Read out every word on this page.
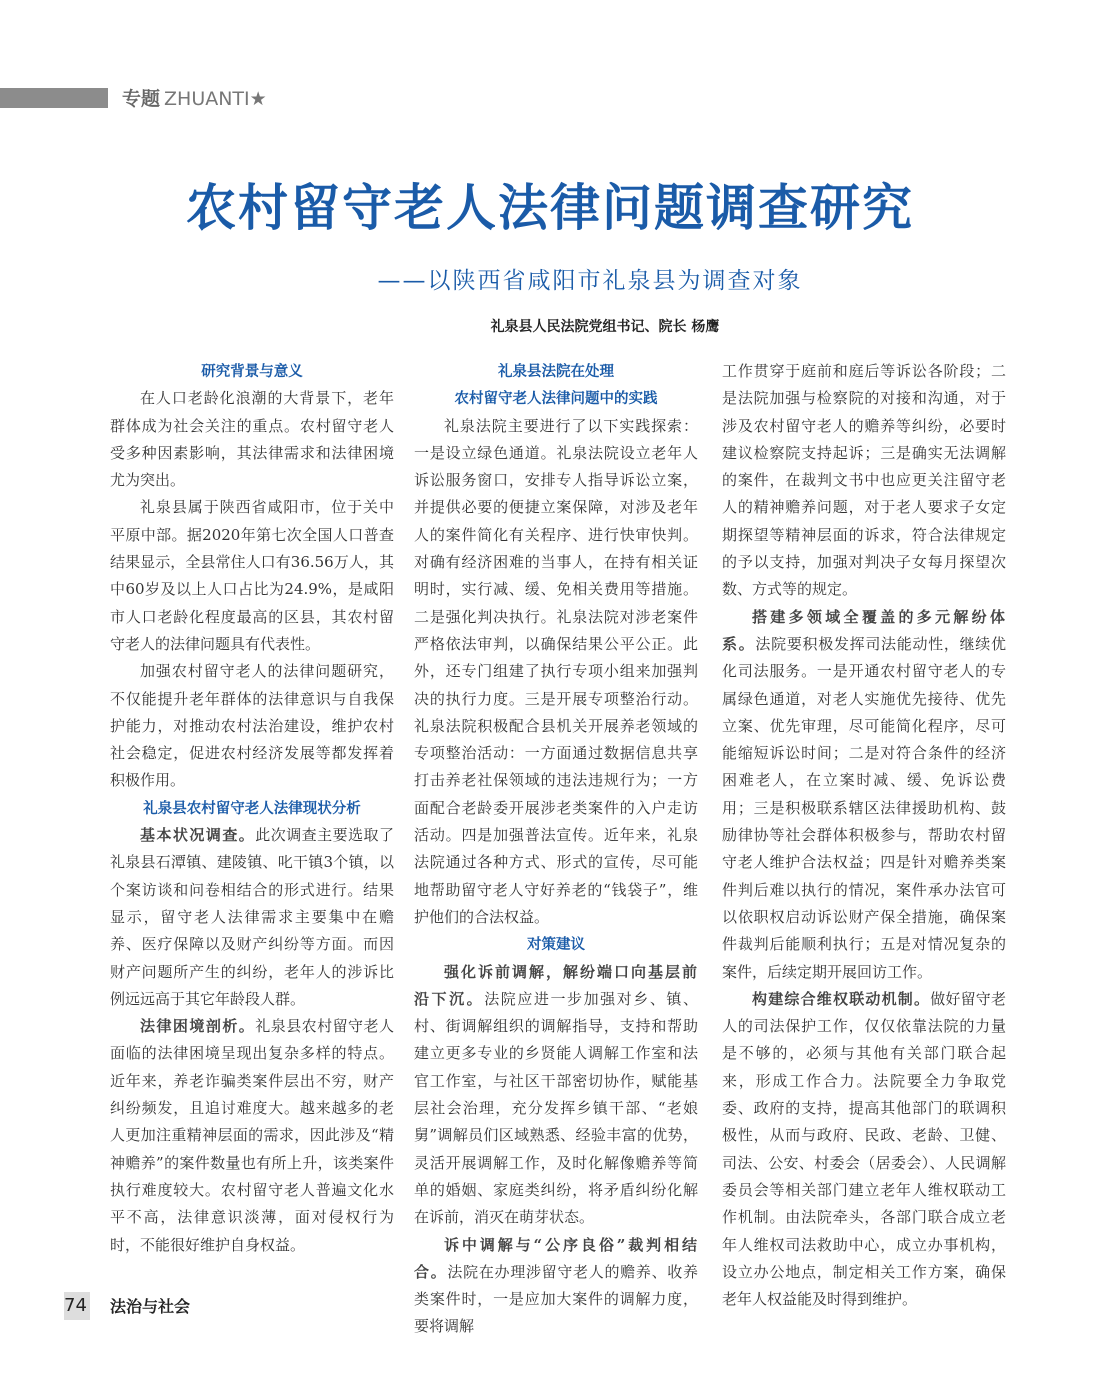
专题 ZHUANTI★
农村留守老人法律问题调查研究
——以陕西省咸阳市礼泉县为调查对象
礼泉县人民法院党组书记、院长 杨鹰
研究背景与意义

在人口老龄化浪潮的大背景下，老年群体成为社会关注的重点。农村留守老人受多种因素影响，其法律需求和法律困境尤为突出。

礼泉县属于陕西省咸阳市，位于关中平原中部。据2020年第七次全国人口普查结果显示，全县常住人口有36.56万人，其中60岁及以上人口占比为24.9%，是咸阳市人口老龄化程度最高的区县，其农村留守老人的法律问题具有代表性。

加强农村留守老人的法律问题研究，不仅能提升老年群体的法律意识与自我保护能力，对推动农村法治建设，维护农村社会稳定，促进农村经济发展等都发挥着积极作用。

礼泉县农村留守老人法律现状分析

基本状况调查。此次调查主要选取了礼泉县石潭镇、建陵镇、叱干镇3个镇，以个案访谈和问卷相结合的形式进行。结果显示，留守老人法律需求主要集中在赡养、医疗保障以及财产纠纷等方面。而因财产问题所产生的纠纷，老年人的涉诉比例远远高于其它年龄段人群。

法律困境剖析。礼泉县农村留守老人面临的法律困境呈现出复杂多样的特点。近年来，养老诈骗类案件层出不穷，财产纠纷频发，且追讨难度大。越来越多的老人更加注重精神层面的需求，因此涉及“精神赡养”的案件数量也有所上升，该类案件执行难度较大。农村留守老人普遍文化水平不高，法律意识淡薄，面对侵权行为时，不能很好维护自身权益。

礼泉县法院在处理
农村留守老人法律问题中的实践

礼泉法院主要进行了以下实践探索：一是设立绿色通道。礼泉法院设立老年人诉讼服务窗口，安排专人指导诉讼立案，并提供必要的便捷立案保障，对涉及老年人的案件简化有关程序、进行快审快判。对确有经济困难的当事人，在持有相关证明时，实行减、缓、免相关费用等措施。二是强化判决执行。礼泉法院对涉老案件严格依法审判，以确保结果公平公正。此外，还专门组建了执行专项小组来加强判决的执行力度。三是开展专项整治行动。礼泉法院积极配合县机关开展养老领域的专项整治活动：一方面通过数据信息共享打击养老社保领域的违法违规行为；一方面配合老龄委开展涉老类案件的入户走访活动。四是加强普法宣传。近年来，礼泉法院通过各种方式、形式的宣传，尽可能地帮助留守老人守好养老的“钱袋子”，维护他们的合法权益。

对策建议

强化诉前调解，解纷端口向基层前沿下沉。法院应进一步加强对乡、镇、村、街调解组织的调解指导，支持和帮助建立更多专业的乡贤能人调解工作室和法官工作室，与社区干部密切协作，赋能基层社会治理，充分发挥乡镇干部、“老娘舅”调解员们区域熟悉、经验丰富的优势，灵活开展调解工作，及时化解像赡养等简单的婚姻、家庭类纠纷，将矛盾纠纷化解在诉前，消灭在萌芽状态。

诉中调解与“公序良俗”裁判相结合。法院在办理涉留守老人的赡养、收养类案件时，一是应加大案件的调解力度，要将调解

工作贯穿于庭前和庭后等诉讼各阶段；二是法院加强与检察院的对接和沟通，对于涉及农村留守老人的赡养等纠纷，必要时建议检察院支持起诉；三是确实无法调解的案件，在裁判文书中也应更关注留守老人的精神赡养问题，对于老人要求子女定期探望等精神层面的诉求，符合法律规定的予以支持，加强对判决子女每月探望次数、方式等的规定。

搭建多领域全覆盖的多元解纷体系。法院要积极发挥司法能动性，继续优化司法服务。一是开通农村留守老人的专属绿色通道，对老人实施优先接待、优先立案、优先审理，尽可能简化程序，尽可能缩短诉讼时间；二是对符合条件的经济困难老人，在立案时减、缓、免诉讼费用；三是积极联系辖区法律援助机构、鼓励律协等社会群体积极参与，帮助农村留守老人维护合法权益；四是针对赡养类案件判后难以执行的情况，案件承办法官可以依职权启动诉讼财产保全措施，确保案件裁判后能顺利执行；五是对情况复杂的案件，后续定期开展回访工作。

构建综合维权联动机制。做好留守老人的司法保护工作，仅仅依靠法院的力量是不够的，必须与其他有关部门联合起来，形成工作合力。法院要全力争取党委、政府的支持，提高其他部门的联调积极性，从而与政府、民政、老龄、卫健、司法、公安、村委会（居委会）、人民调解委员会等相关部门建立老年人维权联动工作机制。由法院牵头，各部门联合成立老年人维权司法救助中心，成立办事机构，设立办公地点，制定相关工作方案，确保老年人权益能及时得到维护。

74 法治与社会
